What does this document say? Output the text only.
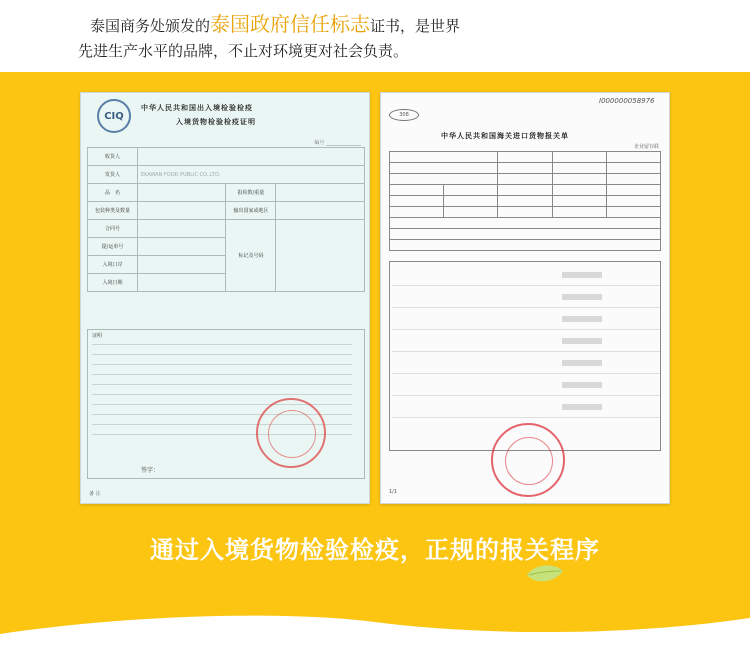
泰国商务处颁发的泰国政府信任标志证书，是世界
先进生产水平的品牌，不止对环境更对社会负责。
CIQ
中华人民共和国出入境检验检疫
入境货物检验检疫证明
编号 ______________
收货人			
发货人	EKAWAN FOOD PUBLIC CO.,LTD.		
品　名		报检数/重量	
包装种类及数量		输出国家或地区	
合同号		标记及号码	
提/运单号			
入境口岸			
入境日期			
证明
签字：
备 注
I000000058976
308
中华人民共和国海关进口货物报关单
企业留存联

1/1
通过入境货物检验检疫，正规的报关程序
